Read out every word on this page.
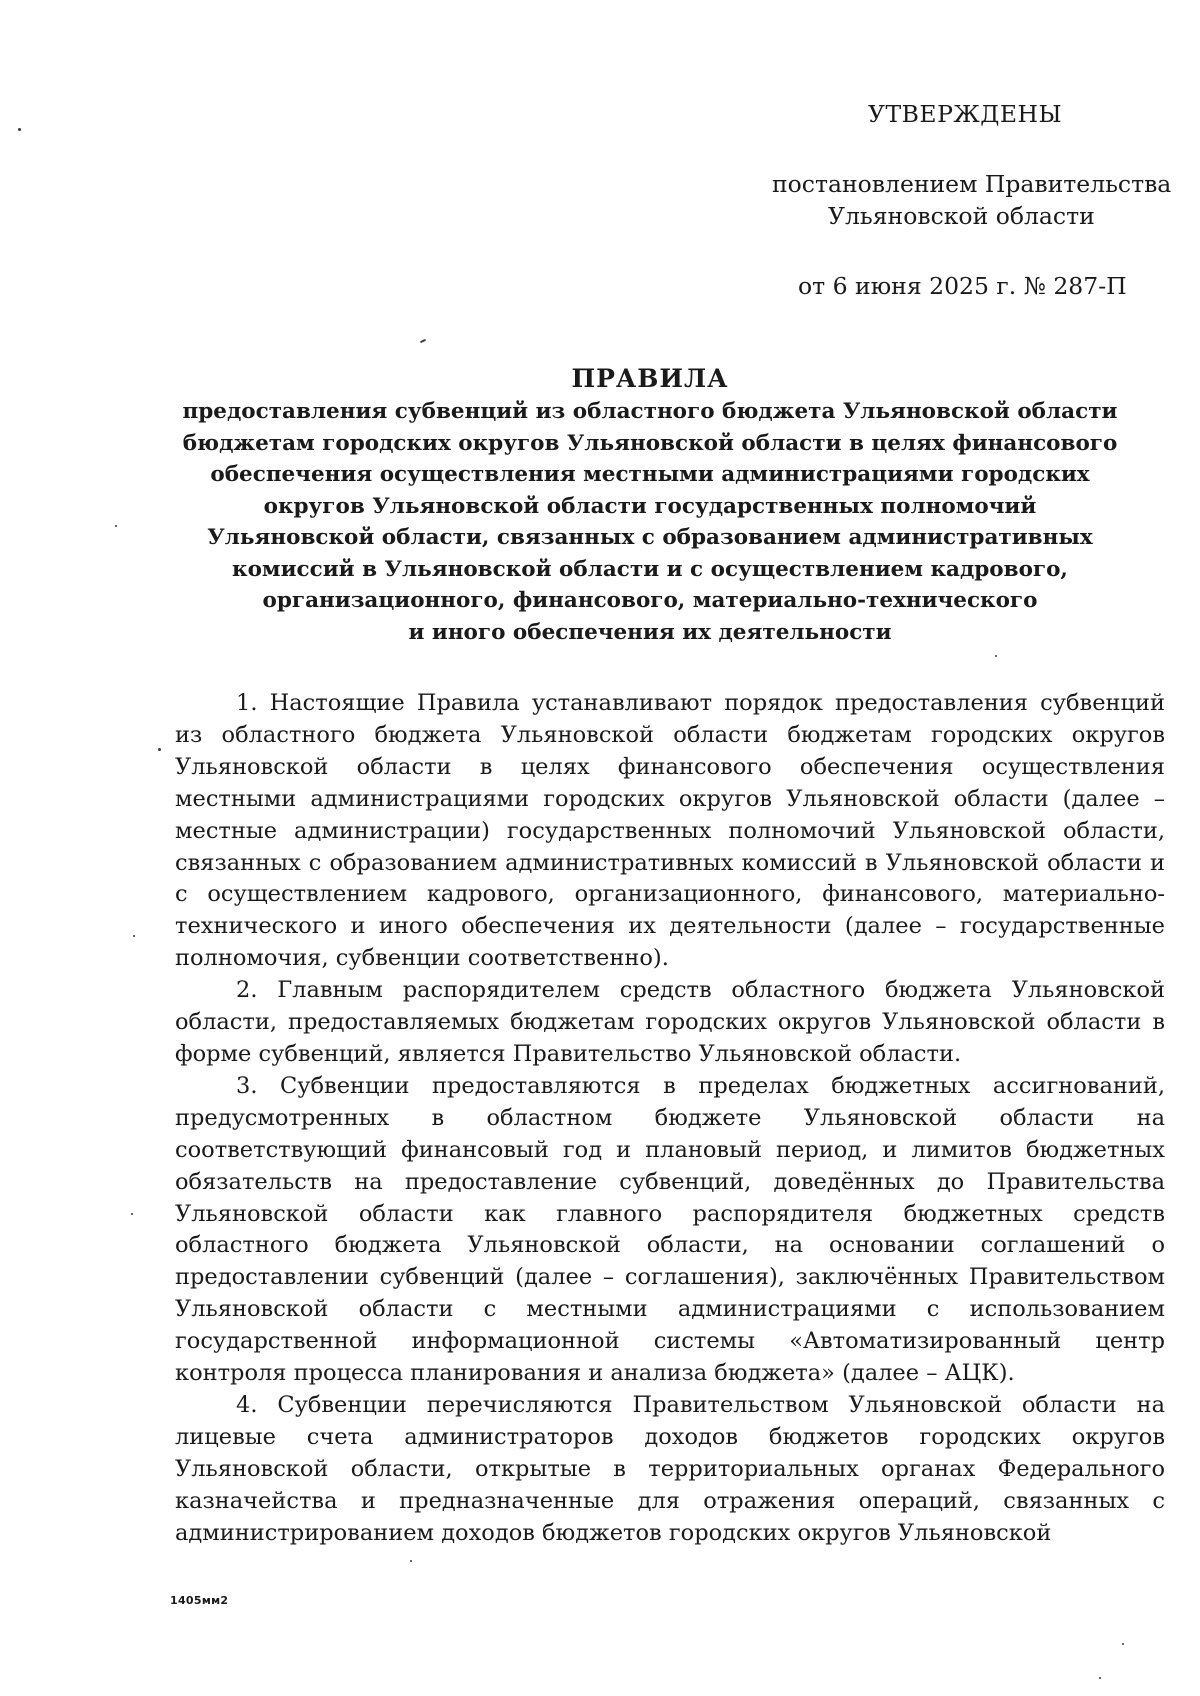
УТВЕРЖДЕНЫ
постановлением Правительства
Ульяновской области
от 6 июня 2025 г. № 287-П
ПРАВИЛА
предоставления субвенций из областного бюджета Ульяновской области
бюджетам городских округов Ульяновской области в целях финансового
обеспечения осуществления местными администрациями городских
округов Ульяновской области государственных полномочий
Ульяновской области, связанных с образованием административных
комиссий в Ульяновской области и с осуществлением кадрового,
организационного, финансового, материально-технического
и иного обеспечения их деятельности

1. Настоящие Правила устанавливают порядок предоставления субвенций из областного бюджета Ульяновской области бюджетам городских округов Ульяновской области в целях финансового обеспечения осуществления местными администрациями городских округов Ульяновской области (далее – местные администрации) государственных полномочий Ульяновской области, связанных с образованием административных комиссий в Ульяновской области и с осуществлением кадрового, организационного, финансового, материально-технического и иного обеспечения их деятельности (далее – государственные полномочия, субвенции соответственно).

2. Главным распорядителем средств областного бюджета Ульяновской области, предоставляемых бюджетам городских округов Ульяновской области в форме субвенций, является Правительство Ульяновской области.

3. Субвенции предоставляются в пределах бюджетных ассигнований, предусмотренных в областном бюджете Ульяновской области на соответствующий финансовый год и плановый период, и лимитов бюджетных обязательств на предоставление субвенций, доведённых до Правительства Ульяновской области как главного распорядителя бюджетных средств областного бюджета Ульяновской области, на основании соглашений о предоставлении субвенций (далее – соглашения), заключённых Правительством Ульяновской области с местными администрациями с использованием государственной информационной системы «Автоматизированный центр контроля процесса планирования и анализа бюджета» (далее – АЦК).

4. Субвенции перечисляются Правительством Ульяновской области на лицевые счета администраторов доходов бюджетов городских округов Ульяновской области, открытые в территориальных органах Федерального казначейства и предназначенные для отражения операций, связанных с администрированием доходов бюджетов городских округов Ульяновской

1405мм2
